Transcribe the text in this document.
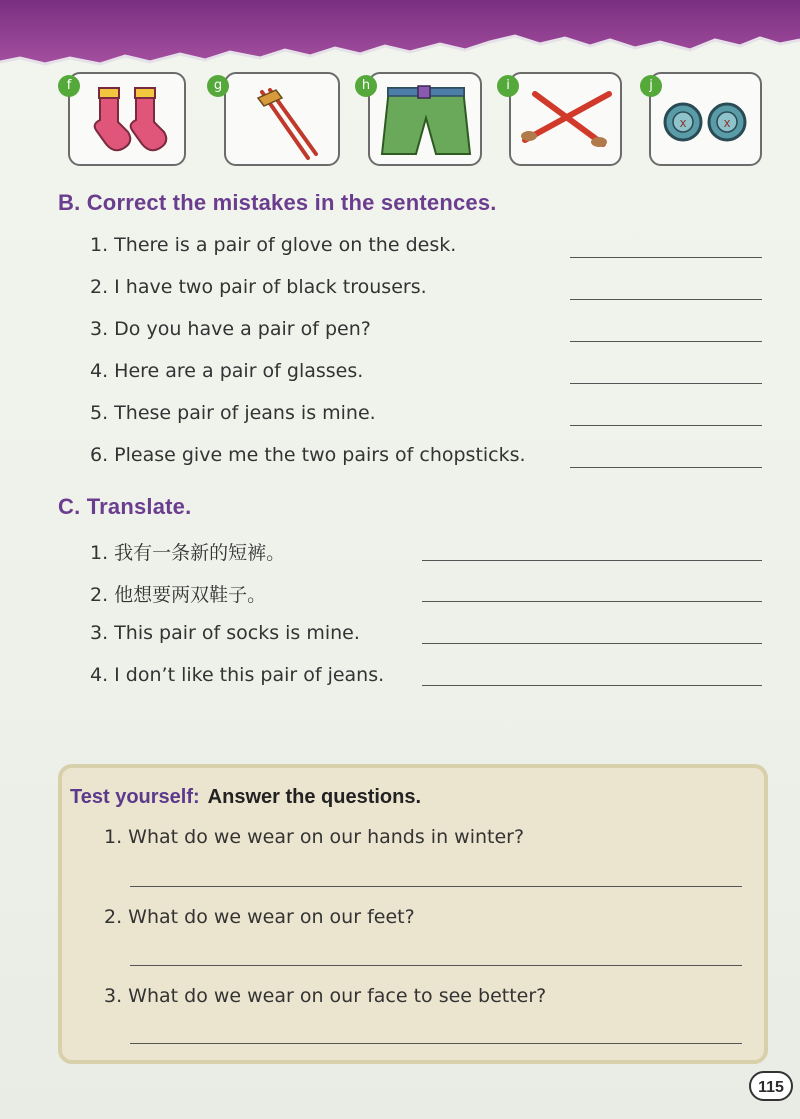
f	g	h	i
x	x
j
B. Correct the mistakes in the sentences.
1. There is a pair of glove on the desk.
2. I have two pair of black trousers.
3. Do you have a pair of pen?
4. Here are a pair of glasses.
5. These pair of jeans is mine.
6. Please give me the two pairs of chopsticks.
C. Translate.
1. 我有一条新的短裤。
2. 他想要两双鞋子。
3. This pair of socks is mine.
4. I don’t like this pair of jeans.
Test yourself: Answer the questions.
1. What do we wear on our hands in winter?
2. What do we wear on our feet?
3. What do we wear on our face to see better?
115
